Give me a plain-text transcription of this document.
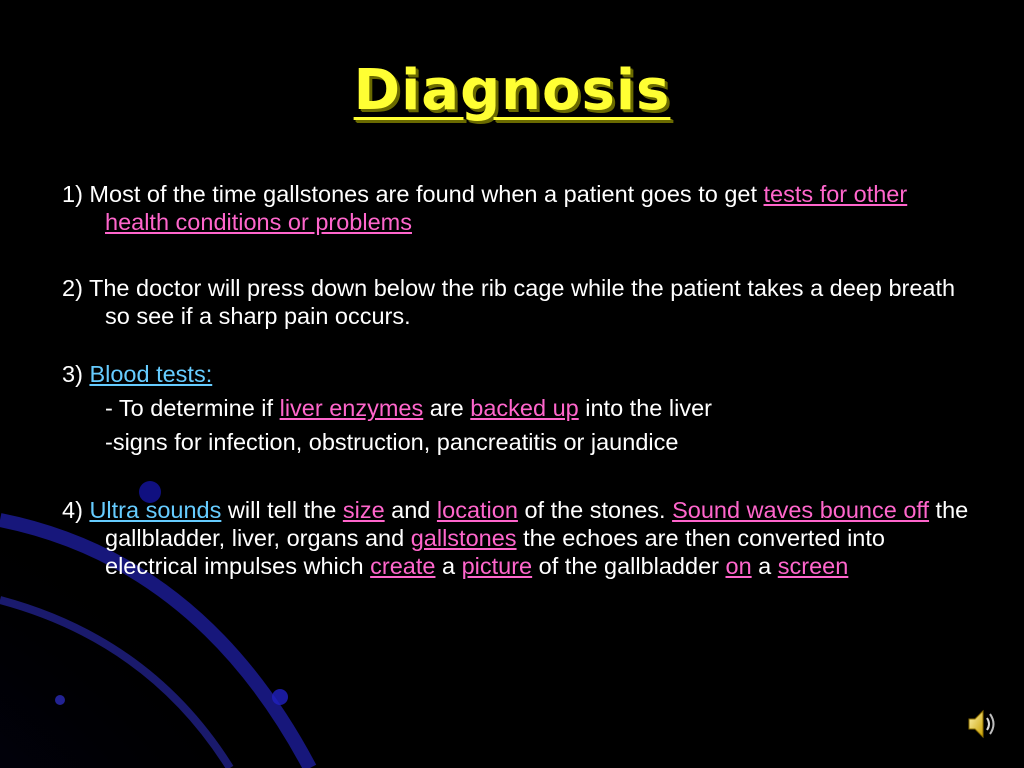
Diagnosis

1) Most of the time gallstones are found when a patient goes to get tests for other health conditions or problems

2) The doctor will press down below the rib cage while the patient takes a deep breath so see if a sharp pain occurs.

3) Blood tests:

- To determine if liver enzymes are backed up into the liver

-signs for infection, obstruction, pancreatitis or jaundice

4) Ultra sounds will tell the size and location of the stones. Sound waves bounce off the gallbladder, liver, organs and gallstones the echoes are then converted into electrical impulses which create a picture of the gallbladder on a screen
